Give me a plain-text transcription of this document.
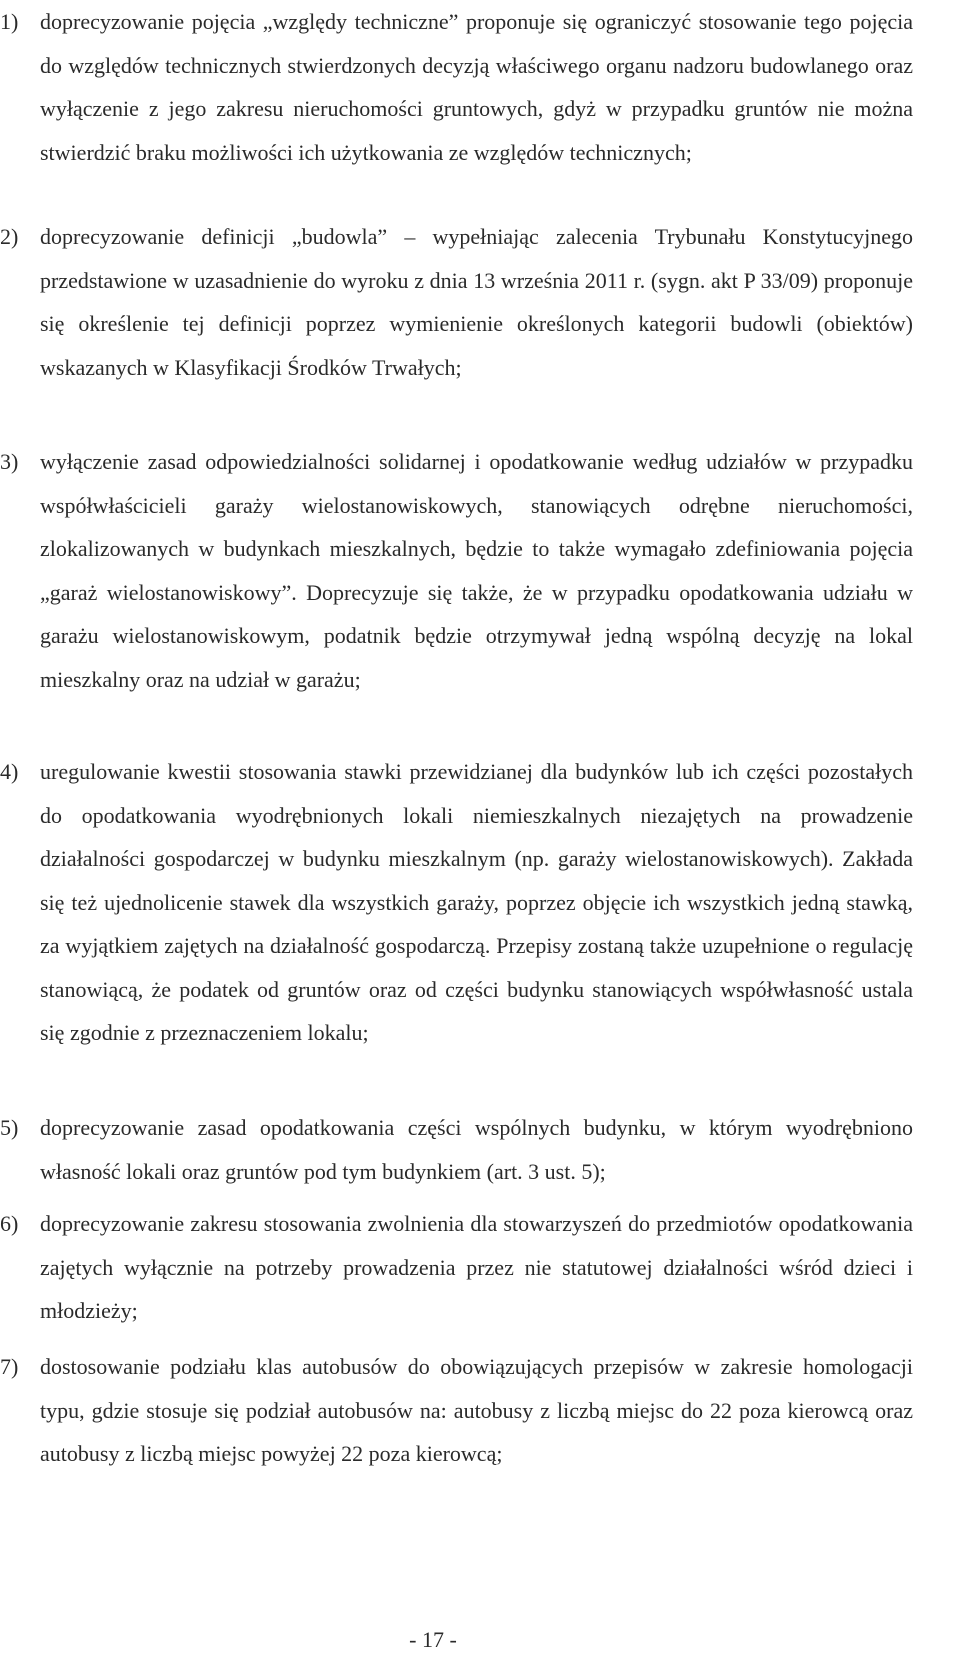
1) doprecyzowanie pojęcia „względy techniczne” proponuje się ograniczyć stosowanie tego pojęcia do względów technicznych stwierdzonych decyzją właściwego organu nadzoru budowlanego oraz wyłączenie z jego zakresu nieruchomości gruntowych, gdyż w przypadku gruntów nie można stwierdzić braku możliwości ich użytkowania ze względów technicznych;
2) doprecyzowanie definicji „budowla” – wypełniając zalecenia Trybunału Konstytucyjnego przedstawione w uzasadnienie do wyroku z dnia 13 września 2011 r. (sygn. akt P 33/09) proponuje się określenie tej definicji poprzez wymienienie określonych kategorii budowli (obiektów) wskazanych w Klasyfikacji Środków Trwałych;
3) wyłączenie zasad odpowiedzialności solidarnej i opodatkowanie według udziałów w przypadku współwłaścicieli garaży wielostanowiskowych, stanowiących odrębne nieruchomości, zlokalizowanych w budynkach mieszkalnych, będzie to także wymagało zdefiniowania pojęcia „garaż wielostanowiskowy”. Doprecyzuje się także, że w przypadku opodatkowania udziału w garażu wielostanowiskowym, podatnik będzie otrzymywał jedną wspólną decyzję na lokal mieszkalny oraz na udział w garażu;
4) uregulowanie kwestii stosowania stawki przewidzianej dla budynków lub ich części pozostałych do opodatkowania wyodrębnionych lokali niemieszkalnych niezajętych na prowadzenie działalności gospodarczej w budynku mieszkalnym (np. garaży wielostanowiskowych). Zakłada się też ujednolicenie stawek dla wszystkich garaży, poprzez objęcie ich wszystkich jedną stawką, za wyjątkiem zajętych na działalność gospodarczą. Przepisy zostaną także uzupełnione o regulację stanowiącą, że podatek od gruntów oraz od części budynku stanowiących współwłasność ustala się zgodnie z przeznaczeniem lokalu;
5) doprecyzowanie zasad opodatkowania części wspólnych budynku, w którym wyodrębniono własność lokali oraz gruntów pod tym budynkiem (art. 3 ust. 5);
6) doprecyzowanie zakresu stosowania zwolnienia dla stowarzyszeń do przedmiotów opodatkowania zajętych wyłącznie na potrzeby prowadzenia przez nie statutowej działalności wśród dzieci i młodzieży;
7) dostosowanie podziału klas autobusów do obowiązujących przepisów w zakresie homologacji typu, gdzie stosuje się podział autobusów na: autobusy z liczbą miejsc do 22 poza kierowcą oraz autobusy z liczbą miejsc powyżej 22 poza kierowcą;
- 17 -
